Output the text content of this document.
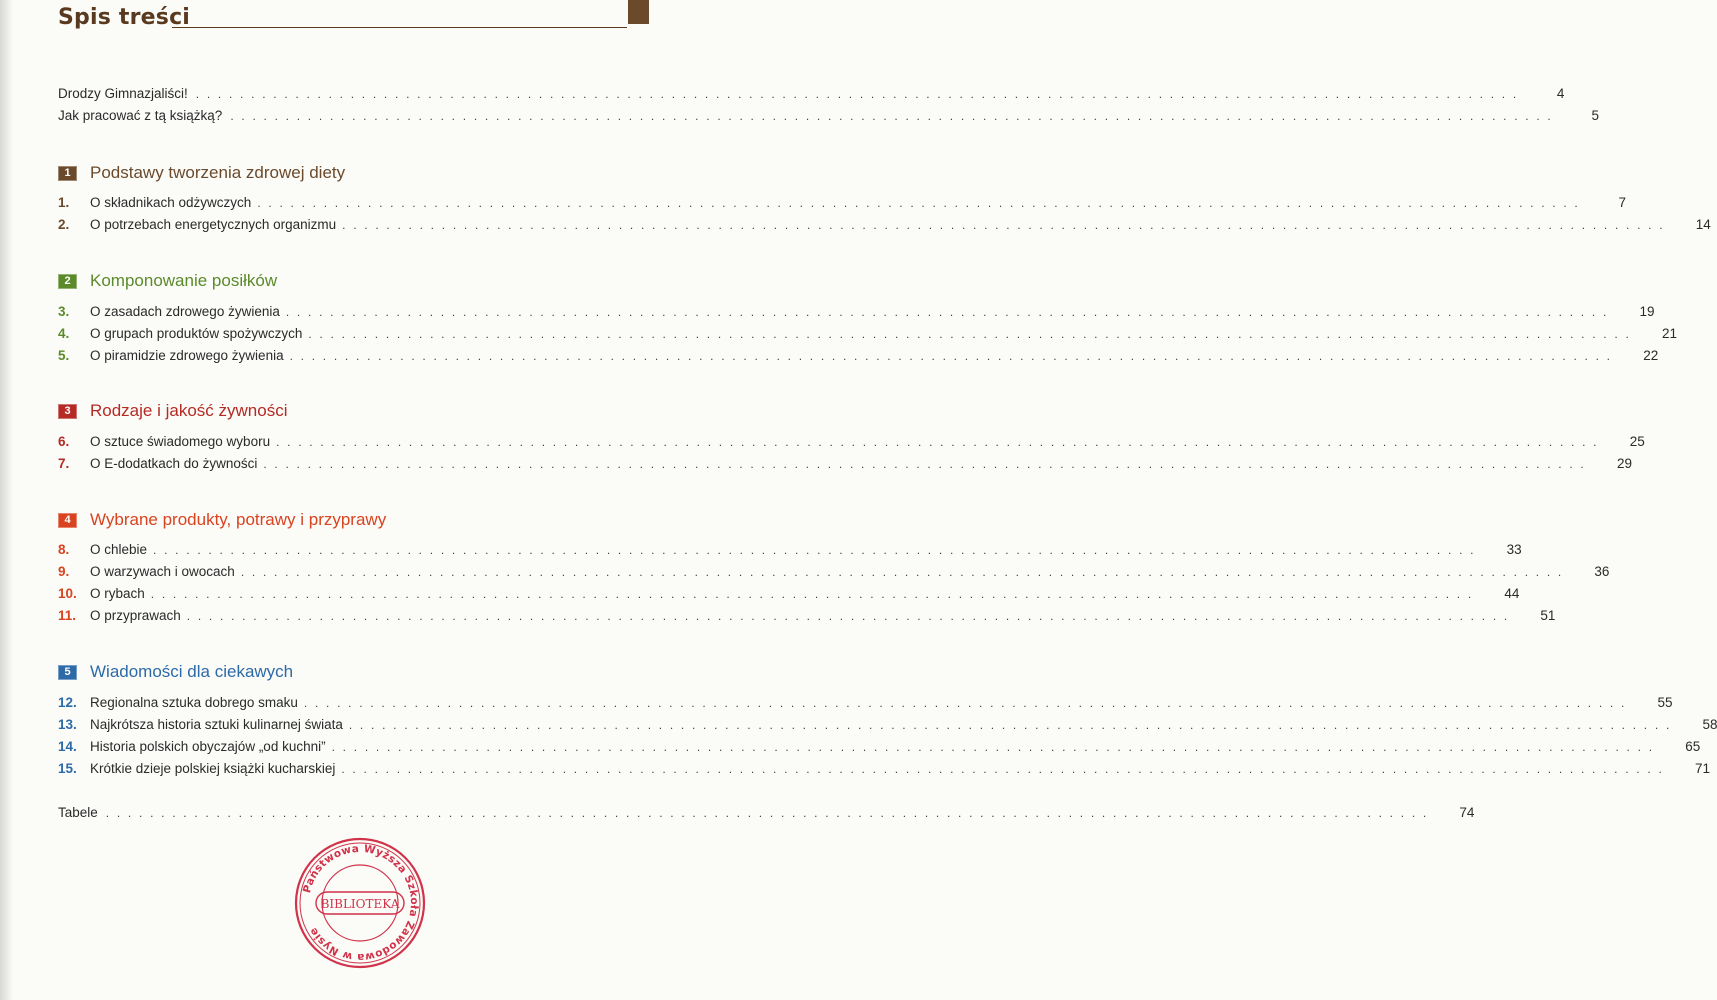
Spis treści
Drodzy Gimnazjaliści! . . . . . . . . . . . . . . . . . . . . . . . . . . . . . . . . . . . . . . . . . . . . . . . . . . . . . . . . . . . . . . . . . . . . . . . . . . . . . . . . . . . . . . . . . . . . . . . . . . . . . . . . . . . . . . . . . . . . . . . .	4
Jak pracować z tą książką? . . . . . . . . . . . . . . . . . . . . . . . . . . . . . . . . . . . . . . . . . . . . . . . . . . . . . . . . . . . . . . . . . . . . . . . . . . . . . . . . . . . . . . . . . . . . . . . . . . . . . . . . . . . . . . . . . . . . . . . .	5
1	Podstawy tworzenia zdrowej diety
1.	O składnikach odżywczych . . . . . . . . . . . . . . . . . . . . . . . . . . . . . . . . . . . . . . . . . . . . . . . . . . . . . . . . . . . . . . . . . . . . . . . . . . . . . . . . . . . . . . . . . . . . . . . . . . . . . . . . . . . . . . . . . . . . . . . .	7
2.	O potrzebach energetycznych organizmu . . . . . . . . . . . . . . . . . . . . . . . . . . . . . . . . . . . . . . . . . . . . . . . . . . . . . . . . . . . . . . . . . . . . . . . . . . . . . . . . . . . . . . . . . . . . . . . . . . . . . . . . . . . . . . . . . . . . . . . .	14
2	Komponowanie posiłków
3.	O zasadach zdrowego żywienia . . . . . . . . . . . . . . . . . . . . . . . . . . . . . . . . . . . . . . . . . . . . . . . . . . . . . . . . . . . . . . . . . . . . . . . . . . . . . . . . . . . . . . . . . . . . . . . . . . . . . . . . . . . . . . . . . . . . . . . .	19
4.	O grupach produktów spożywczych . . . . . . . . . . . . . . . . . . . . . . . . . . . . . . . . . . . . . . . . . . . . . . . . . . . . . . . . . . . . . . . . . . . . . . . . . . . . . . . . . . . . . . . . . . . . . . . . . . . . . . . . . . . . . . . . . . . . . . . .	21
5.	O piramidzie zdrowego żywienia . . . . . . . . . . . . . . . . . . . . . . . . . . . . . . . . . . . . . . . . . . . . . . . . . . . . . . . . . . . . . . . . . . . . . . . . . . . . . . . . . . . . . . . . . . . . . . . . . . . . . . . . . . . . . . . . . . . . . . . .	22
3	Rodzaje i jakość żywności
6.	O sztuce świadomego wyboru . . . . . . . . . . . . . . . . . . . . . . . . . . . . . . . . . . . . . . . . . . . . . . . . . . . . . . . . . . . . . . . . . . . . . . . . . . . . . . . . . . . . . . . . . . . . . . . . . . . . . . . . . . . . . . . . . . . . . . . .	25
7.	O E-dodatkach do żywności . . . . . . . . . . . . . . . . . . . . . . . . . . . . . . . . . . . . . . . . . . . . . . . . . . . . . . . . . . . . . . . . . . . . . . . . . . . . . . . . . . . . . . . . . . . . . . . . . . . . . . . . . . . . . . . . . . . . . . . .	29
4	Wybrane produkty, potrawy i przyprawy
8.	O chlebie . . . . . . . . . . . . . . . . . . . . . . . . . . . . . . . . . . . . . . . . . . . . . . . . . . . . . . . . . . . . . . . . . . . . . . . . . . . . . . . . . . . . . . . . . . . . . . . . . . . . . . . . . . . . . . . . . . . . . . . .	33
9.	O warzywach i owocach . . . . . . . . . . . . . . . . . . . . . . . . . . . . . . . . . . . . . . . . . . . . . . . . . . . . . . . . . . . . . . . . . . . . . . . . . . . . . . . . . . . . . . . . . . . . . . . . . . . . . . . . . . . . . . . . . . . . . . . .	36
10. O rybach . . . . . . . . . . . . . . . . . . . . . . . . . . . . . . . . . . . . . . . . . . . . . . . . . . . . . . . . . . . . . . . . . . . . . . . . . . . . . . . . . . . . . . . . . . . . . . . . . . . . . . . . . . . . . . . . . . . . . . . .	44
11.	O przyprawach . . . . . . . . . . . . . . . . . . . . . . . . . . . . . . . . . . . . . . . . . . . . . . . . . . . . . . . . . . . . . . . . . . . . . . . . . . . . . . . . . . . . . . . . . . . . . . . . . . . . . . . . . . . . . . . . . . . . . . . .	51
5	Wiadomości dla ciekawych
12. Regionalna sztuka dobrego smaku . . . . . . . . . . . . . . . . . . . . . . . . . . . . . . . . . . . . . . . . . . . . . . . . . . . . . . . . . . . . . . . . . . . . . . . . . . . . . . . . . . . . . . . . . . . . . . . . . . . . . . . . . . . . . . . . . . . . . . . .	55
13. Najkrótsza historia sztuki kulinarnej świata . . . . . . . . . . . . . . . . . . . . . . . . . . . . . . . . . . . . . . . . . . . . . . . . . . . . . . . . . . . . . . . . . . . . . . . . . . . . . . . . . . . . . . . . . . . . . . . . . . . . . . . . . . . . . . . . . . . . . . . .	58
14. Historia polskich obyczajów „od kuchni” . . . . . . . . . . . . . . . . . . . . . . . . . . . . . . . . . . . . . . . . . . . . . . . . . . . . . . . . . . . . . . . . . . . . . . . . . . . . . . . . . . . . . . . . . . . . . . . . . . . . . . . . . . . . . . . . . . . . . . . .	65
15. Krótkie dzieje polskiej książki kucharskiej . . . . . . . . . . . . . . . . . . . . . . . . . . . . . . . . . . . . . . . . . . . . . . . . . . . . . . . . . . . . . . . . . . . . . . . . . . . . . . . . . . . . . . . . . . . . . . . . . . . . . . . . . . . . . . . . . . . . . . . .	71
Tabele . . . . . . . . . . . . . . . . . . . . . . . . . . . . . . . . . . . . . . . . . . . . . . . . . . . . . . . . . . . . . . . . . . . . . . . . . . . . . . . . . . . . . . . . . . . . . . . . . . . . . . . . . . . . . . . . . . . . . . . .	74
Państwowa Wyższa Szkoła Zawodowa w Nysie
BIBLIOTEKA
